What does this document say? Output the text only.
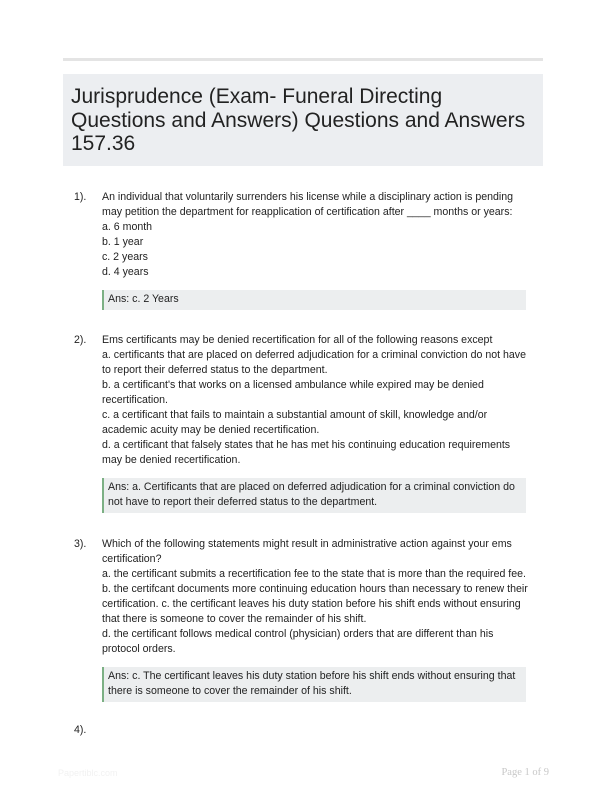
Jurisprudence (Exam- Funeral Directing Questions and Answers) Questions and Answers 157.36
1).	An individual that voluntarily surrenders his license while a disciplinary action is pending
may petition the department for reapplication of certification after ____ months or years:
a. 6 month
b. 1 year
c. 2 years
d. 4 years
Ans: c. 2 Years
2).	Ems certificants may be denied recertification for all of the following reasons except
a. certificants that are placed on deferred adjudication for a criminal conviction do not have
to report their deferred status to the department.
b. a certificant's that works on a licensed ambulance while expired may be denied
recertification.
c. a certificant that fails to maintain a substantial amount of skill, knowledge and/or
academic acuity may be denied recertification.
d. a certificant that falsely states that he has met his continuing education requirements
may be denied recertification.
Ans: a. Certificants that are placed on deferred adjudication for a criminal conviction do not have to report their deferred status to the department.
3).	Which of the following statements might result in administrative action against your ems
certification?
a. the certificant submits a recertification fee to the state that is more than the required fee.
b. the certifcant documents more continuing education hours than necessary to renew their
certification. c. the certificant leaves his duty station before his shift ends without ensuring
that there is someone to cover the remainder of his shift.
d. the certificant follows medical control (physician) orders that are different than his
protocol orders.
Ans: c. The certificant leaves his duty station before his shift ends without ensuring that there is someone to cover the remainder of his shift.
4).
Papertiblc.com	Page 1 of 9
